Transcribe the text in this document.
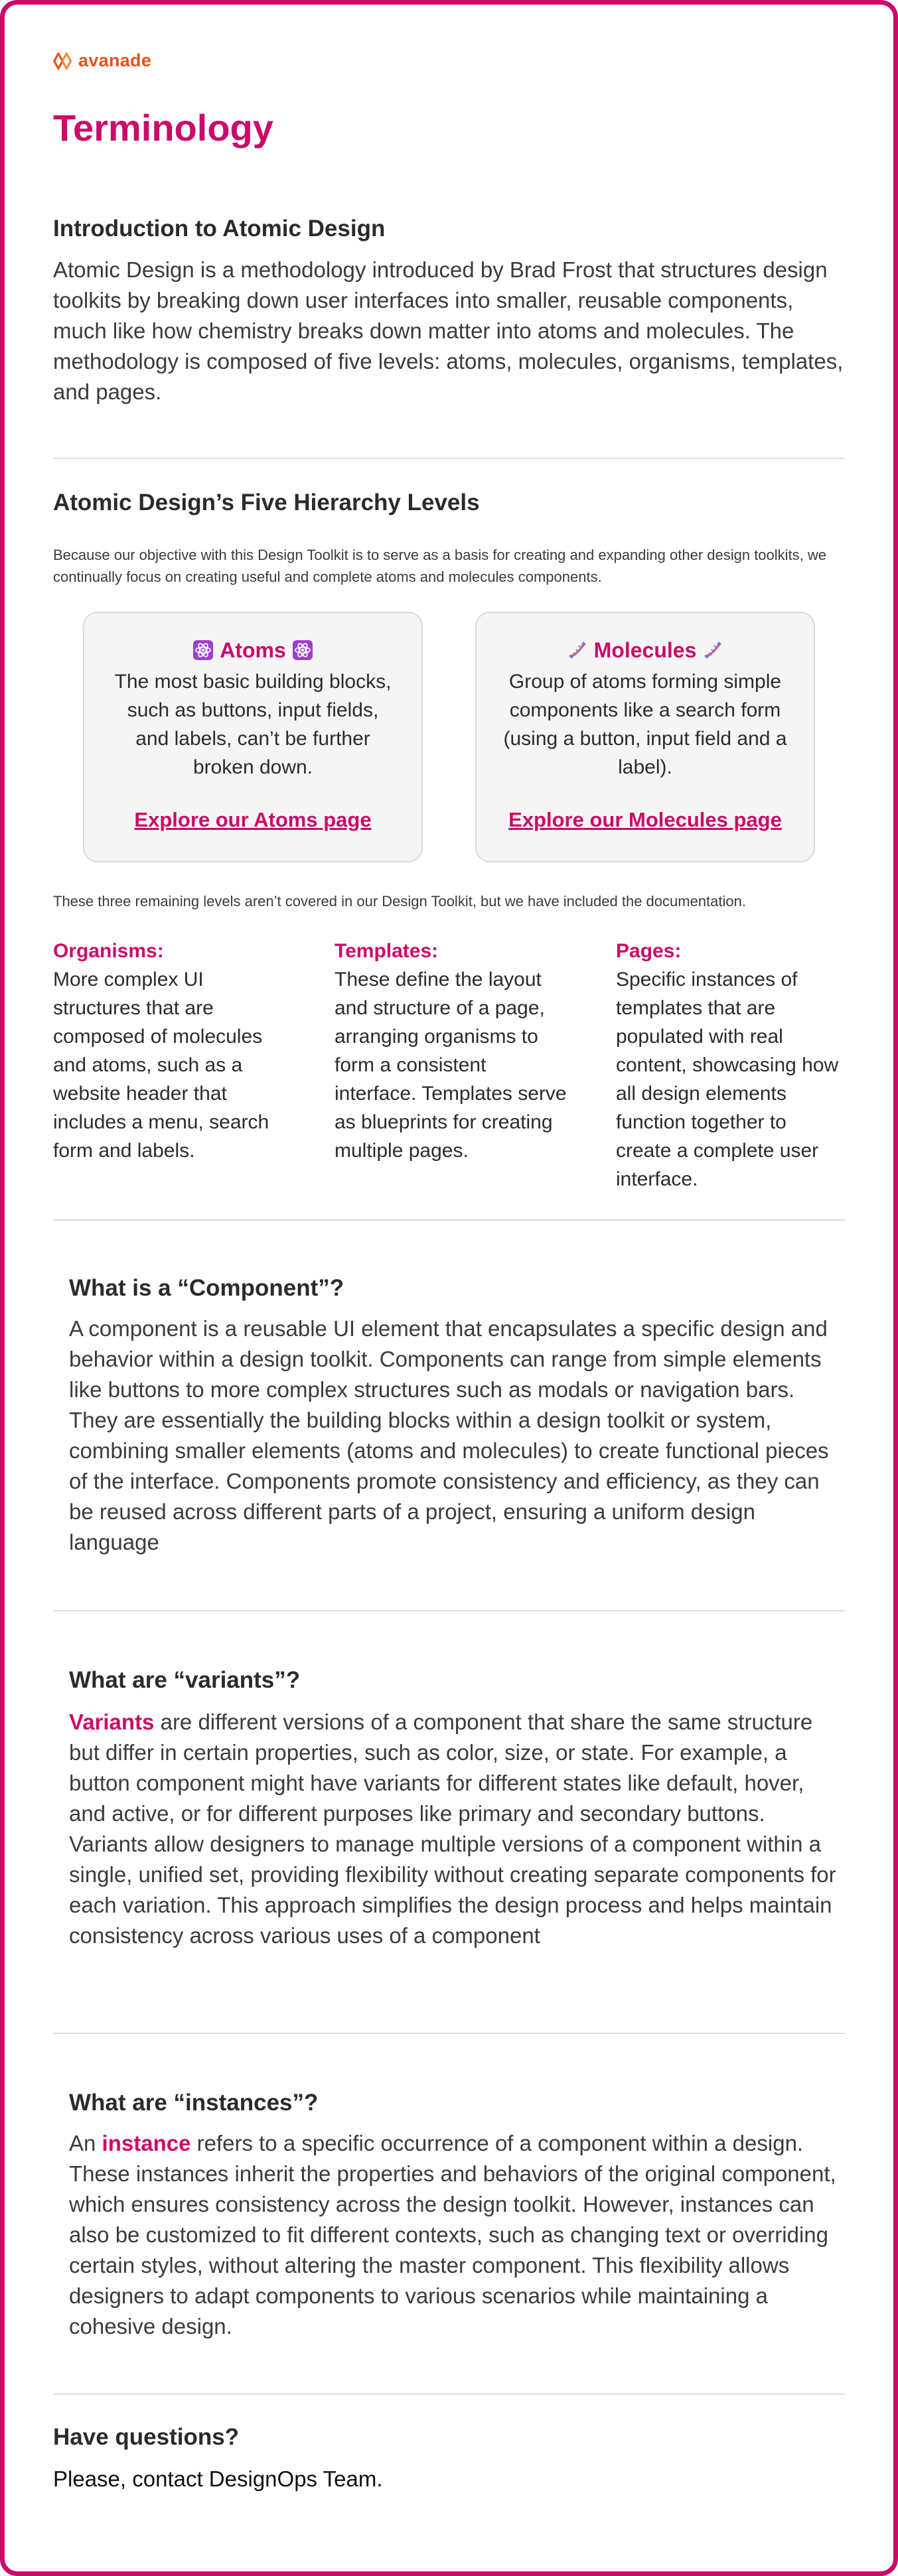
avanade
Terminology
Introduction to Atomic Design

Atomic Design is a methodology introduced by Brad Frost that structures design toolkits by breaking down user interfaces into smaller, reusable components, much like how chemistry breaks down matter into atoms and molecules. The methodology is composed of five levels: atoms, molecules, organisms, templates, and pages.

Atomic Design’s Five Hierarchy Levels

Because our objective with this Design Toolkit is to serve as a basis for creating and expanding other design toolkits, we continually focus on creating useful and complete atoms and molecules components.

Atoms
The most basic building blocks, such as buttons, input fields, and labels, can’t be further broken down.
Explore our Atoms page
Molecules
Group of atoms forming simple components like a search form (using a button, input field and a label).
Explore our Molecules page

These three remaining levels aren’t covered in our Design Toolkit, but we have included the documentation.

Organisms:
More complex UI structures that are composed of molecules and atoms, such as a website header that includes a menu, search form and labels.
Templates:
These define the layout and structure of a page, arranging organisms to form a consistent interface. Templates serve as blueprints for creating multiple pages.
Pages:
Specific instances of templates that are populated with real content, showcasing how all design elements function together to create a complete user interface.
What is a “Component”?

A component is a reusable UI element that encapsulates a specific design and behavior within a design toolkit. Components can range from simple elements like buttons to more complex structures such as modals or navigation bars. They are essentially the building blocks within a design toolkit or system, combining smaller elements (atoms and molecules) to create functional pieces of the interface. Components promote consistency and efficiency, as they can be reused across different parts of a project, ensuring a uniform design language

What are “variants”?

Variants are different versions of a component that share the same structure but differ in certain properties, such as color, size, or state. For example, a button component might have variants for different states like default, hover, and active, or for different purposes like primary and secondary buttons. Variants allow designers to manage multiple versions of a component within a single, unified set, providing flexibility without creating separate components for each variation. This approach simplifies the design process and helps maintain consistency across various uses of a component

What are “instances”?

An instance refers to a specific occurrence of a component within a design. These instances inherit the properties and behaviors of the original component, which ensures consistency across the design toolkit. However, instances can also be customized to fit different contexts, such as changing text or overriding certain styles, without altering the master component. This flexibility allows designers to adapt components to various scenarios while maintaining a cohesive design.

Have questions?

Please, contact DesignOps Team.
